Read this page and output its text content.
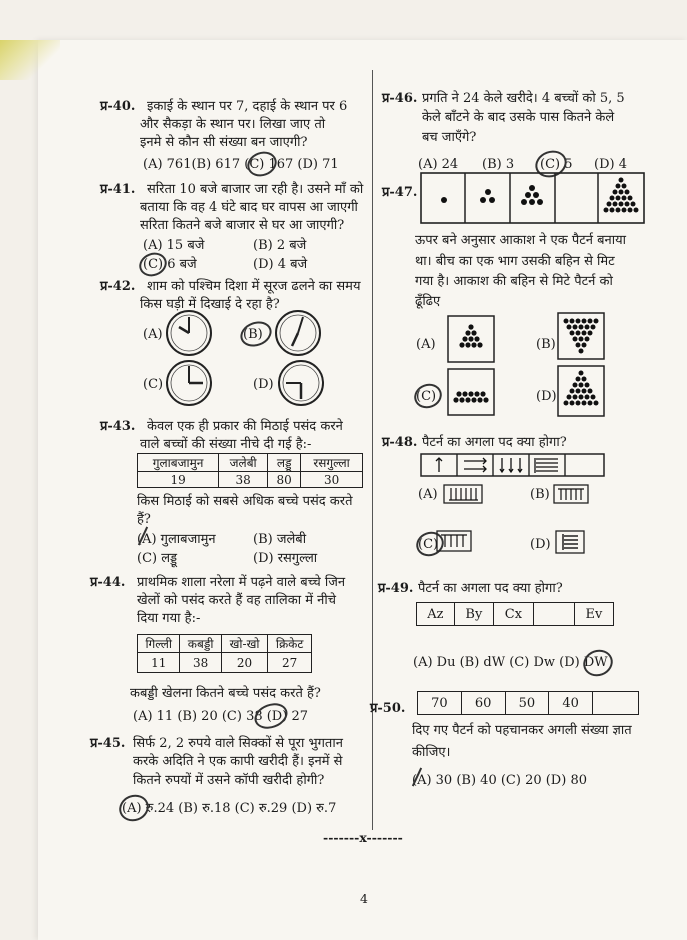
प्र-40. इकाई के स्थान पर 7, दहाई के स्थान पर 6
और सैकड़ा के स्थान पर। लिखा जाए तो
इनमे से कौन सी संख्या बन जाएगी?
(A) 761(B) 617 (C) 167 (D) 71
प्र-41. सरिता 10 बजे बाजार जा रही है। उसने माँ को
बताया कि वह 4 घंटे बाद घर वापस आ जाएगी
सरिता कितने बजे बाजार से घर आ जाएगी?
(A) 15 बजे	(B) 2 बजे
(C) 6 बजे	(D) 4 बजे
प्र-42. शाम को पश्चिम दिशा में सूरज ढलने का समय
किस घड़ी में दिखाई दे रहा है?
(A)	(B)
(C)	(D)
प्र-43. केवल एक ही प्रकार की मिठाई पसंद करने
वाले बच्चों की संख्या नीचे दी गई है:-
गुलाबजामुन	जलेबी	लड्डू	रसगुल्ला
19	38	80	30
किस मिठाई को सबसे अधिक बच्चे पसंद करते
हैं?
(A) गुलाबजामुन	(B) जलेबी
(C) लड्डू	(D) रसगुल्ला
प्र-44. प्राथमिक शाला नरेला में पढ़ने वाले बच्चे जिन
खेलों को पसंद करते हैं वह तालिका में नीचे
दिया गया है:-
गिल्ली	कबड्डी	खो-खो	क्रिकेट
11	38	20	27
कबड्डी खेलना कितने बच्चे पसंद करते हैं?
(A) 11 (B) 20 (C) 38 (D) 27
प्र-45. सिर्फ 2, 2 रुपये वाले सिक्कों से पूरा भुगतान
करके अदिति ने एक कापी खरीदी हैं। इनमें से
कितने रुपयों में उसने कॉपी खरीदी होगी?
(A) रु.24 (B) रु.18 (C) रु.29 (D) रु.7
प्र-46. प्रगति ने 24 केले खरीदे। 4 बच्चों को 5, 5
केले बाँटने के बाद उसके पास कितने केले
बच जाएँगे?
(A) 24 (B) 3 (C) 5 (D) 4
प्र-47.
ऊपर बने अनुसार आकाश ने एक पैटर्न बनाया
था। बीच का एक भाग उसकी बहिन से मिट
गया है। आकाश की बहिन से मिटे पैटर्न को
ढूँढिए
(A)	(B)
(C)	(D)
प्र-48. पैटर्न का अगला पद क्या होगा?
(A)	(B)
(C)	(D)
प्र-49. पैटर्न का अगला पद क्या होगा?
Az	By	Cx		Ev
(A) Du (B) dW (C) Dw (D) DW
प्र-50. 70	60	50	40	
दिए गए पैटर्न को पहचानकर अगली संख्या ज्ञात
कीजिए।
(A) 30 (B) 40 (C) 20 (D) 80
-------x-------
4
